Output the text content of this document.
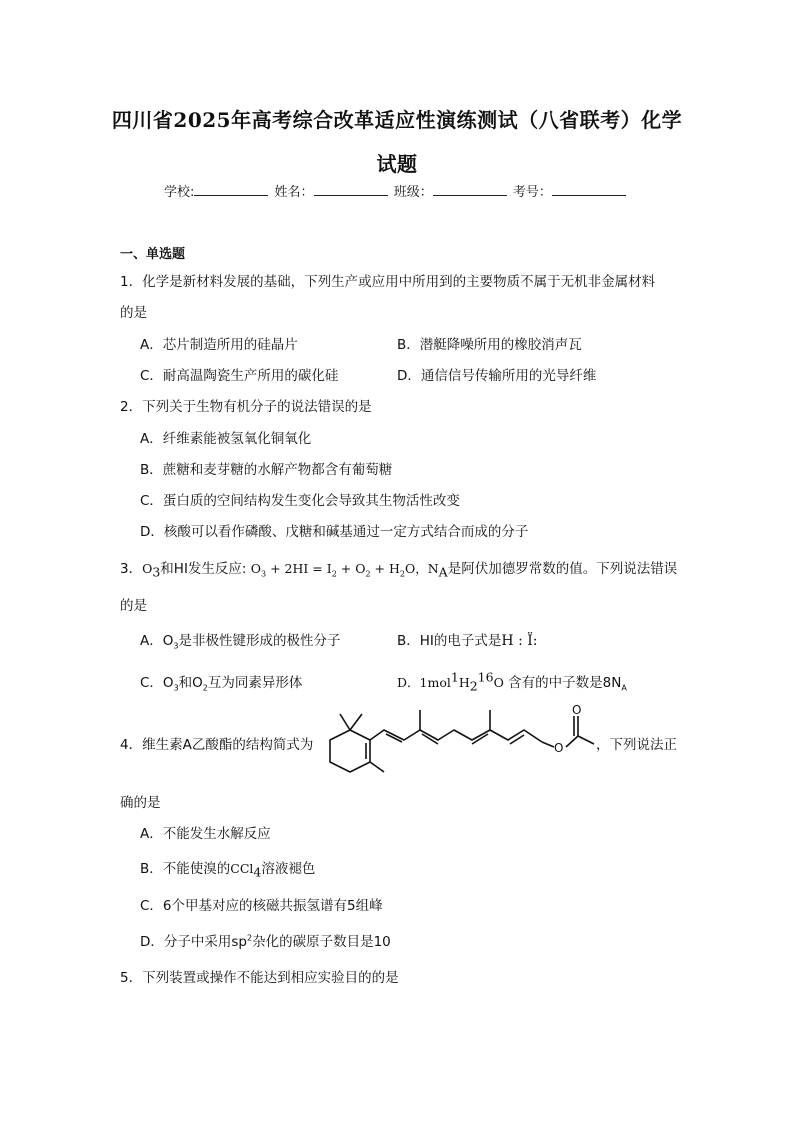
四川省2025年高考综合改革适应性演练测试（八省联考）化学
试题
学校:	姓名：	班级：	考号：
一、单选题
1．化学是新材料发展的基础，下列生产或应用中所用到的主要物质不属于无机非金属材料
的是
A．芯片制造所用的硅晶片	B．潜艇降噪所用的橡胶消声瓦
C．耐高温陶瓷生产所用的碳化硅	D．通信信号传输所用的光导纤维
2．下列关于生物有机分子的说法错误的是
A．纤维素能被氢氧化铜氧化
B．蔗糖和麦芽糖的水解产物都含有葡萄糖
C．蛋白质的空间结构发生变化会导致其生物活性改变
D．核酸可以看作磷酸、戊糖和碱基通过一定方式结合而成的分子
3．$O_3$和HI发生反应: $O_3 + 2HI = I_2 + O_2 + H_2O$，$N_A$是阿伏加德罗常数的值。下列说法错误
的是
A．$O_3$是非极性键形成的极性分子	B．HI的电子式是H : Ï:
C．$O_3$和$O_2$互为同素异形体	D．$1mol^1H_2^{16}O$ 含有的中子数是$8N_A$
4．维生素A乙酸酯的结构简式为	O
O
，下列说法正
确的是
A．不能发生水解反应
B．不能使溴的CCl$_4$溶液褪色
C．6个甲基对应的核磁共振氢谱有5组峰
D．分子中采用$sp^2$杂化的碳原子数目是10
5．下列装置或操作不能达到相应实验目的的是
